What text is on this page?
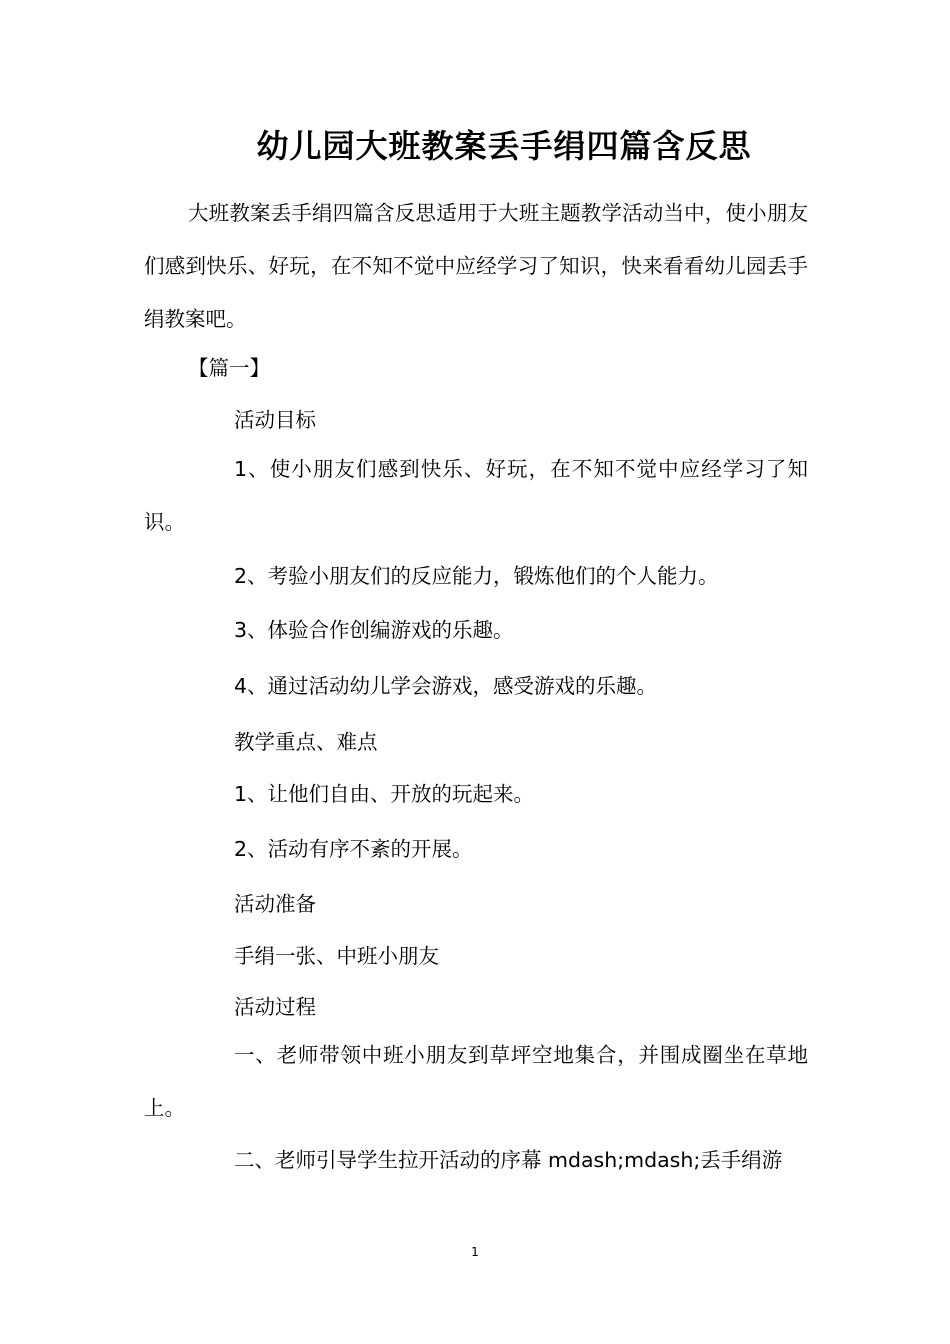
幼儿园大班教案丢手绢四篇含反思

大班教案丢手绢四篇含反思适用于大班主题教学活动当中，使小朋友们感到快乐、好玩，在不知不觉中应经学习了知识，快来看看幼儿园丢手绢教案吧。

【篇一】

活动目标

1、使小朋友们感到快乐、好玩，在不知不觉中应经学习了知识。

2、考验小朋友们的反应能力，锻炼他们的个人能力。

3、体验合作创编游戏的乐趣。

4、通过活动幼儿学会游戏，感受游戏的乐趣。

教学重点、难点

1、让他们自由、开放的玩起来。

2、活动有序不紊的开展。

活动准备

手绢一张、中班小朋友

活动过程

一、老师带领中班小朋友到草坪空地集合，并围成圈坐在草地上。

二、老师引导学生拉开活动的序幕 mdash;mdash;丢手绢游

1
